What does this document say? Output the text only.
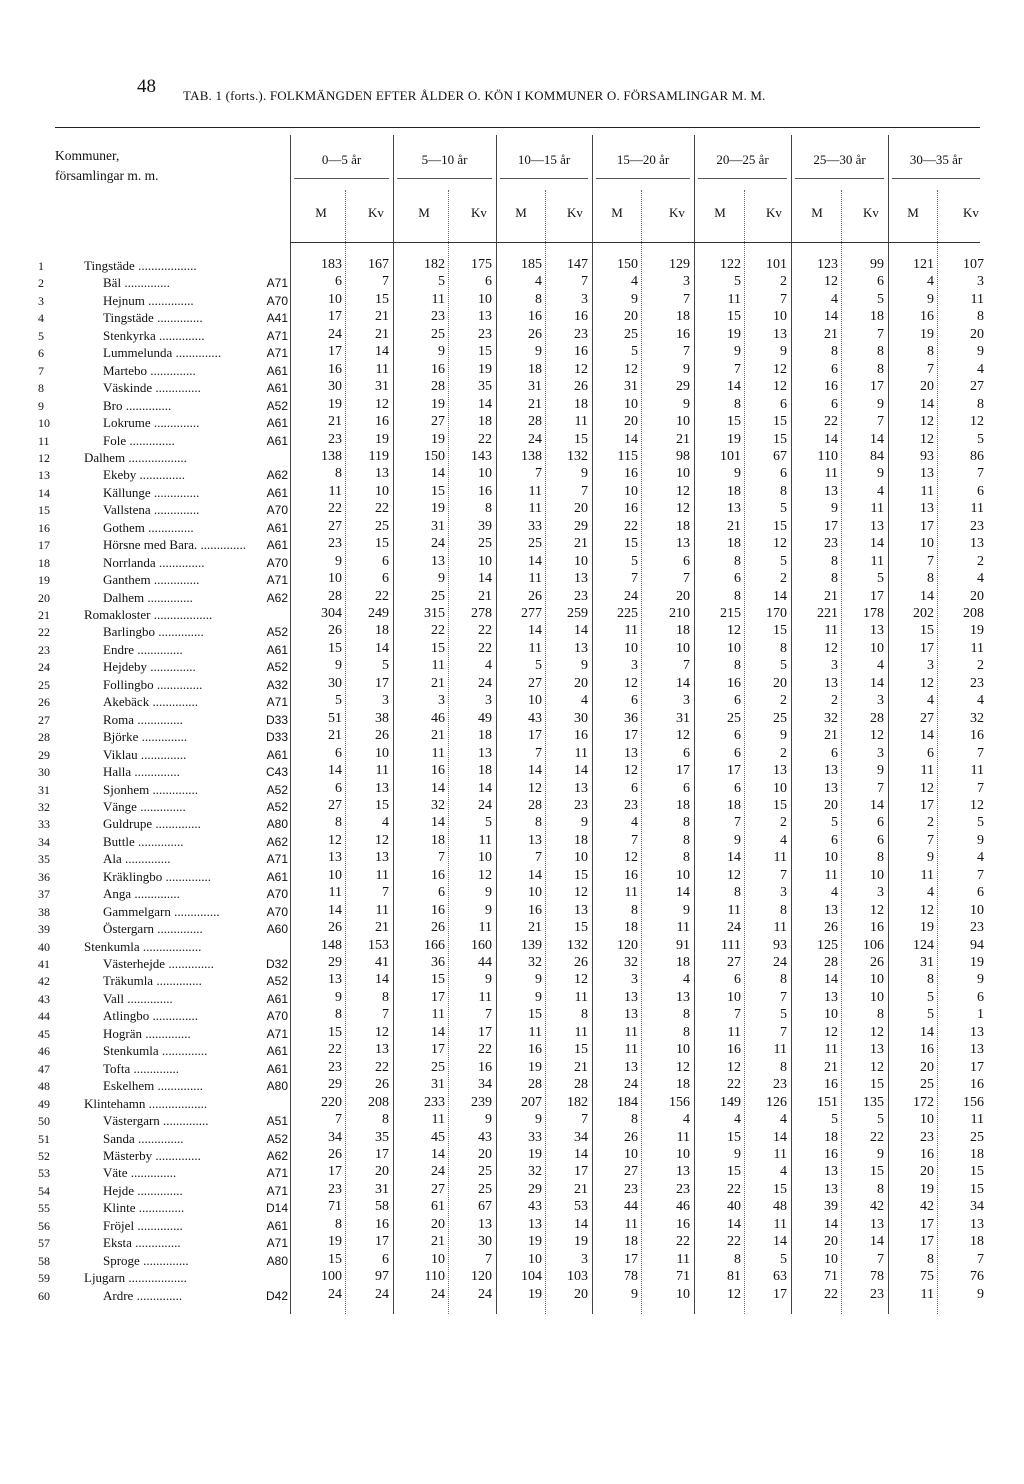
48 TAB. 1 (forts.). FOLKMÄNGDEN EFTER ÅLDER O. KÖN I KOMMUNER O. FÖRSAMLINGAR M. M.
Kommuner,
församlingar m. m.
0—5 år
M	Kv
5—10 år
M	Kv
10—15 år
M	Kv
15—20 år
M	Kv
20—25 år
M	Kv
25—30 år
M	Kv
30—35 år
M	Kv
1	Tingstäde ..................	183	167	182	175	185	147	150	129	122	101	123	99	121	107
2	Bäl ..............	A71	6	7	5	6	4	7	4	3	5	2	12	6	4	3
3	Hejnum ..............	A70	10	15	11	10	8	3	9	7	11	7	4	5	9	11
4	Tingstäde ..............	A41	17	21	23	13	16	16	20	18	15	10	14	18	16	8
5	Stenkyrka ..............	A71	24	21	25	23	26	23	25	16	19	13	21	7	19	20
6	Lummelunda ..............	A71	17	14	9	15	9	16	5	7	9	9	8	8	8	9
7	Martebo ..............	A61	16	11	16	19	18	12	12	9	7	12	6	8	7	4
8	Väskinde ..............	A61	30	31	28	35	31	26	31	29	14	12	16	17	20	27
9	Bro ..............	A52	19	12	19	14	21	18	10	9	8	6	6	9	14	8
10	Lokrume ..............	A61	21	16	27	18	28	11	20	10	15	15	22	7	12	12
11	Fole ..............	A61	23	19	19	22	24	15	14	21	19	15	14	14	12	5
12	Dalhem ..................	138	119	150	143	138	132	115	98	101	67	110	84	93	86
13	Ekeby ..............	A62	8	13	14	10	7	9	16	10	9	6	11	9	13	7
14	Källunge ..............	A61	11	10	15	16	11	7	10	12	18	8	13	4	11	6
15	Vallstena ..............	A70	22	22	19	8	11	20	16	12	13	5	9	11	13	11
16	Gothem ..............	A61	27	25	31	39	33	29	22	18	21	15	17	13	17	23
17	Hörsne med Bara. ..............	A61	23	15	24	25	25	21	15	13	18	12	23	14	10	13
18	Norrlanda ..............	A70	9	6	13	10	14	10	5	6	8	5	8	11	7	2
19	Ganthem ..............	A71	10	6	9	14	11	13	7	7	6	2	8	5	8	4
20	Dalhem ..............	A62	28	22	25	21	26	23	24	20	8	14	21	17	14	20
21	Romakloster ..................	304	249	315	278	277	259	225	210	215	170	221	178	202	208
22	Barlingbo ..............	A52	26	18	22	22	14	14	11	18	12	15	11	13	15	19
23	Endre ..............	A61	15	14	15	22	11	13	10	10	10	8	12	10	17	11
24	Hejdeby ..............	A52	9	5	11	4	5	9	3	7	8	5	3	4	3	2
25	Follingbo ..............	A32	30	17	21	24	27	20	12	14	16	20	13	14	12	23
26	Akebäck ..............	A71	5	3	3	3	10	4	6	3	6	2	2	3	4	4
27	Roma ..............	D33	51	38	46	49	43	30	36	31	25	25	32	28	27	32
28	Björke ..............	D33	21	26	21	18	17	16	17	12	6	9	21	12	14	16
29	Viklau ..............	A61	6	10	11	13	7	11	13	6	6	2	6	3	6	7
30	Halla ..............	C43	14	11	16	18	14	14	12	17	17	13	13	9	11	11
31	Sjonhem ..............	A52	6	13	14	14	12	13	6	6	6	10	13	7	12	7
32	Vänge ..............	A52	27	15	32	24	28	23	23	18	18	15	20	14	17	12
33	Guldrupe ..............	A80	8	4	14	5	8	9	4	8	7	2	5	6	2	5
34	Buttle ..............	A62	12	12	18	11	13	18	7	8	9	4	6	6	7	9
35	Ala ..............	A71	13	13	7	10	7	10	12	8	14	11	10	8	9	4
36	Kräklingbo ..............	A61	10	11	16	12	14	15	16	10	12	7	11	10	11	7
37	Anga ..............	A70	11	7	6	9	10	12	11	14	8	3	4	3	4	6
38	Gammelgarn ..............	A70	14	11	16	9	16	13	8	9	11	8	13	12	12	10
39	Östergarn ..............	A60	26	21	26	11	21	15	18	11	24	11	26	16	19	23
40	Stenkumla ..................	148	153	166	160	139	132	120	91	111	93	125	106	124	94
41	Västerhejde ..............	D32	29	41	36	44	32	26	32	18	27	24	28	26	31	19
42	Träkumla ..............	A52	13	14	15	9	9	12	3	4	6	8	14	10	8	9
43	Vall ..............	A61	9	8	17	11	9	11	13	13	10	7	13	10	5	6
44	Atlingbo ..............	A70	8	7	11	7	15	8	13	8	7	5	10	8	5	1
45	Hogrän ..............	A71	15	12	14	17	11	11	11	8	11	7	12	12	14	13
46	Stenkumla ..............	A61	22	13	17	22	16	15	11	10	16	11	11	13	16	13
47	Tofta ..............	A61	23	22	25	16	19	21	13	12	12	8	21	12	20	17
48	Eskelhem ..............	A80	29	26	31	34	28	28	24	18	22	23	16	15	25	16
49	Klintehamn ..................	220	208	233	239	207	182	184	156	149	126	151	135	172	156
50	Västergarn ..............	A51	7	8	11	9	9	7	8	4	4	4	5	5	10	11
51	Sanda ..............	A52	34	35	45	43	33	34	26	11	15	14	18	22	23	25
52	Mästerby ..............	A62	26	17	14	20	19	14	10	10	9	11	16	9	16	18
53	Väte ..............	A71	17	20	24	25	32	17	27	13	15	4	13	15	20	15
54	Hejde ..............	A71	23	31	27	25	29	21	23	23	22	15	13	8	19	15
55	Klinte ..............	D14	71	58	61	67	43	53	44	46	40	48	39	42	42	34
56	Fröjel ..............	A61	8	16	20	13	13	14	11	16	14	11	14	13	17	13
57	Eksta ..............	A71	19	17	21	30	19	19	18	22	22	14	20	14	17	18
58	Sproge ..............	A80	15	6	10	7	10	3	17	11	8	5	10	7	8	7
59	Ljugarn ..................	100	97	110	120	104	103	78	71	81	63	71	78	75	76
60	Ardre ..............	D42	24	24	24	24	19	20	9	10	12	17	22	23	11	9
